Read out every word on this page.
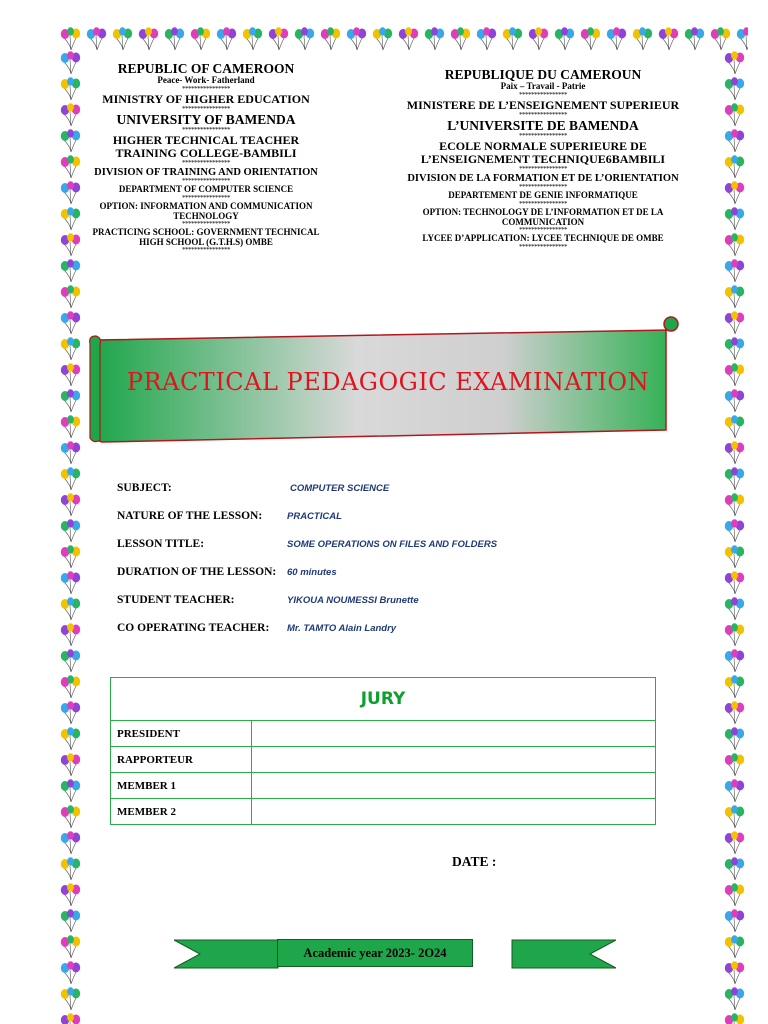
REPUBLIC OF CAMEROON
Peace- Work- Fatherland
****************
MINISTRY OF HIGHER EDUCATION
****************
UNIVERSITY OF BAMENDA
****************
HIGHER TECHNICAL TEACHER
TRAINING COLLEGE-BAMBILI
****************
DIVISION OF TRAINING AND ORIENTATION
****************
DEPARTMENT OF COMPUTER SCIENCE
****************
OPTION: INFORMATION AND COMMUNICATION
TECHNOLOGY
****************
PRACTICING SCHOOL: GOVERNMENT TECHNICAL
HIGH SCHOOL (G.T.H.S) OMBE
****************
REPUBLIQUE DU CAMEROUN
Paix – Travail - Patrie
****************
MINISTERE DE L’ENSEIGNEMENT SUPERIEUR
****************
L’UNIVERSITE DE BAMENDA
****************
ECOLE NORMALE SUPERIEURE DE
L’ENSEIGNEMENT TECHNIQUE6BAMBILI
****************
DIVISION DE LA FORMATION ET DE L’ORIENTATION
****************
DEPARTEMENT DE GENIE INFORMATIQUE
****************
OPTION: TECHNOLOGY DE L’INFORMATION ET DE LA
COMMUNICATION
****************
LYCEE D’APPLICATION: LYCEE TECHNIQUE DE OMBE
****************
PRACTICAL PEDAGOGIC EXAMINATION
SUBJECT:	COMPUTER SCIENCE
NATURE OF THE LESSON:	PRACTICAL
LESSON TITLE:	SOME OPERATIONS ON FILES AND FOLDERS
DURATION OF THE LESSON: 60 minutes
STUDENT TEACHER:	YIKOUA NOUMESSI Brunette
CO OPERATING TEACHER: Mr. TAMTO Alain Landry
JURY	
PRESIDENT	
RAPPORTEUR	
MEMBER 1	
MEMBER 2	
DATE :
Academic year 2023- 2O24
